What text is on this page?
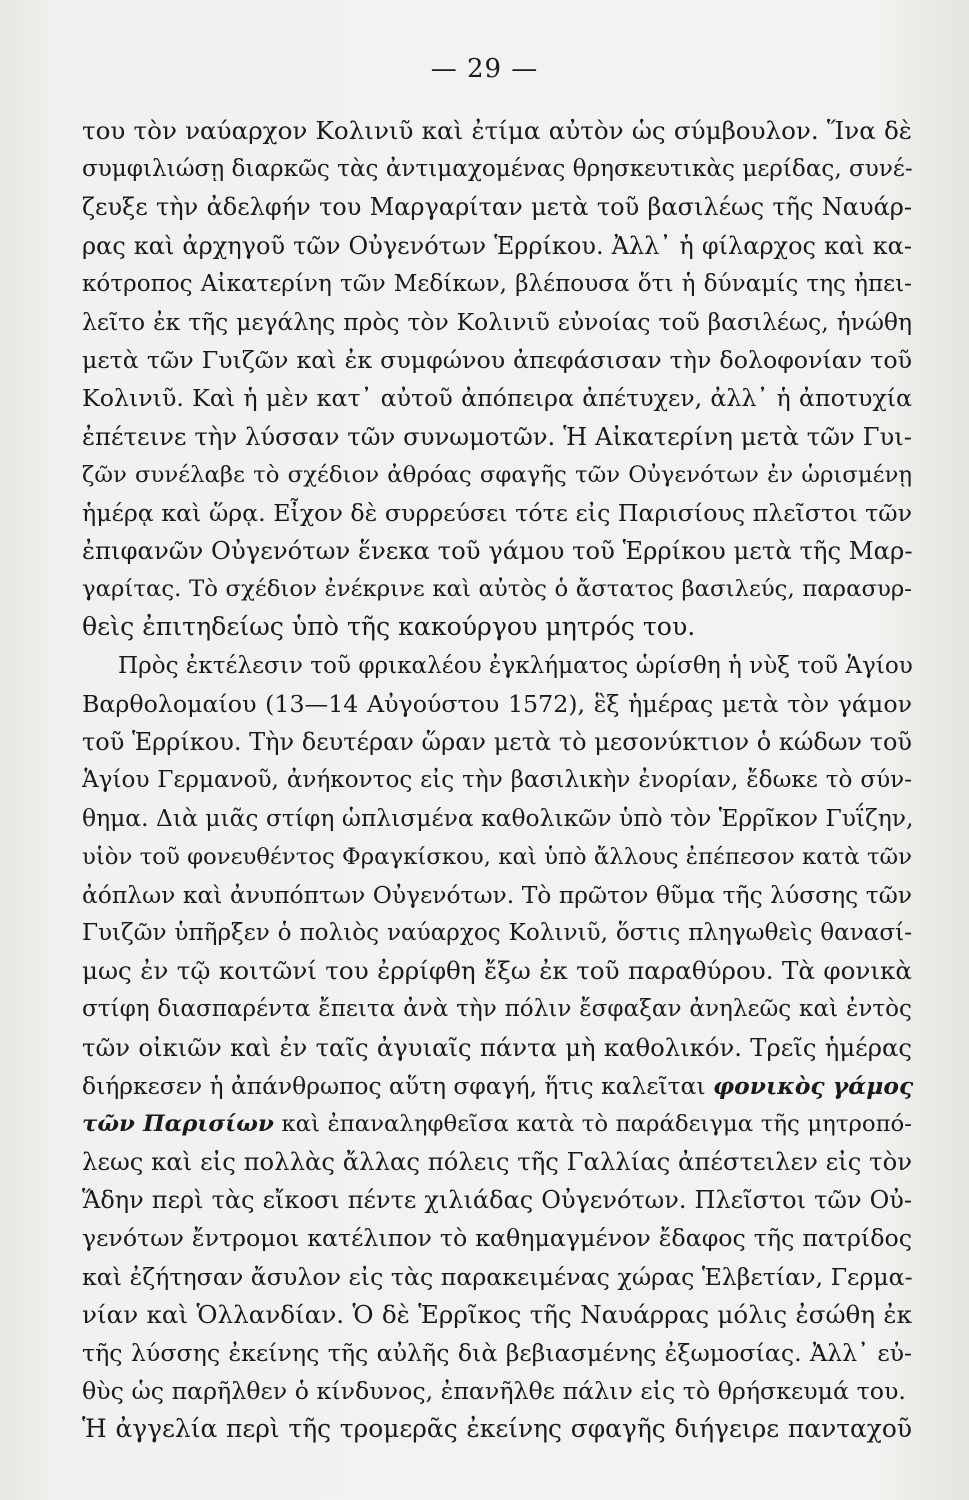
— 29 —
του τὸν ναύαρχον Κολινιῦ καὶ ἐτίμα αὐτὸν ὡς σύμβουλον. Ἵνα δὲ
συμφιλιώσῃ διαρκῶς τὰς ἀντιμαχομένας θρησκευτικὰς μερίδας, συνέ-
ζευξε τὴν ἀδελφήν του Μαργαρίταν μετὰ τοῦ βασιλέως τῆς Ναυάρ-
ρας καὶ ἀρχηγοῦ τῶν Οὐγενότων Ἑρρίκου. Ἀλλ᾽ ἡ φίλαρχος καὶ κα-
κότροπος Αἰκατερίνη τῶν Μεδίκων, βλέπουσα ὅτι ἡ δύναμίς της ἠπει-
λεῖτο ἐκ τῆς μεγάλης πρὸς τὸν Κολινιῦ εὐνοίας τοῦ βασιλέως, ἡνώθη
μετὰ τῶν Γυιζῶν καὶ ἐκ συμφώνου ἀπεφάσισαν τὴν δολοφονίαν τοῦ
Κολινιῦ. Καὶ ἡ μὲν κατ᾽ αὐτοῦ ἀπόπειρα ἀπέτυχεν, ἀλλ᾽ ἡ ἀποτυχία
ἐπέτεινε τὴν λύσσαν τῶν συνωμοτῶν. Ἡ Αἰκατερίνη μετὰ τῶν Γυι-
ζῶν συνέλαβε τὸ σχέδιον ἀθρόας σφαγῆς τῶν Οὐγενότων ἐν ὡρισμένῃ
ἡμέρᾳ καὶ ὥρᾳ. Εἶχον δὲ συρρεύσει τότε εἰς Παρισίους πλεῖστοι τῶν
ἐπιφανῶν Οὐγενότων ἕνεκα τοῦ γάμου τοῦ Ἑρρίκου μετὰ τῆς Μαρ-
γαρίτας. Τὸ σχέδιον ἐνέκρινε καὶ αὐτὸς ὁ ἄστατος βασιλεύς, παρασυρ-
θεὶς ἐπιτηδείως ὑπὸ τῆς κακούργου μητρός του.
Πρὸς ἐκτέλεσιν τοῦ φρικαλέου ἐγκλήματος ὡρίσθη ἡ νὺξ τοῦ Ἁγίου
Βαρθολομαίου (13—14 Αὐγούστου 1572), ἓξ ἡμέρας μετὰ τὸν γάμον
τοῦ Ἑρρίκου. Τὴν δευτέραν ὥραν μετὰ τὸ μεσονύκτιον ὁ κώδων τοῦ
Ἁγίου Γερμανοῦ, ἀνήκοντος εἰς τὴν βασιλικὴν ἐνορίαν, ἔδωκε τὸ σύν-
θημα. Διὰ μιᾶς στίφη ὡπλισμένα καθολικῶν ὑπὸ τὸν Ἑρρῖκον Γυΐζην,
υἱὸν τοῦ φονευθέντος Φραγκίσκου, καὶ ὑπὸ ἄλλους ἐπέπεσον κατὰ τῶν
ἀόπλων καὶ ἀνυπόπτων Οὐγενότων. Τὸ πρῶτον θῦμα τῆς λύσσης τῶν
Γυιζῶν ὑπῆρξεν ὁ πολιὸς ναύαρχος Κολινιῦ, ὅστις πληγωθεὶς θανασί-
μως ἐν τῷ κοιτῶνί του ἐρρίφθη ἔξω ἐκ τοῦ παραθύρου. Τὰ φονικὰ
στίφη διασπαρέντα ἔπειτα ἀνὰ τὴν πόλιν ἔσφαξαν ἀνηλεῶς καὶ ἐντὸς
τῶν οἰκιῶν καὶ ἐν ταῖς ἀγυιαῖς πάντα μὴ καθολικόν. Τρεῖς ἡμέρας
διήρκεσεν ἡ ἀπάνθρωπος αὕτη σφαγή, ἥτις καλεῖται φονικὸς γάμος
τῶν Παρισίων καὶ ἐπαναληφθεῖσα κατὰ τὸ παράδειγμα τῆς μητροπό-
λεως καὶ εἰς πολλὰς ἄλλας πόλεις τῆς Γαλλίας ἀπέστειλεν εἰς τὸν
Ἅδην περὶ τὰς εἴκοσι πέντε χιλιάδας Οὐγενότων. Πλεῖστοι τῶν Οὐ-
γενότων ἔντρομοι κατέλιπον τὸ καθημαγμένον ἔδαφος τῆς πατρίδος
καὶ ἐζήτησαν ἄσυλον εἰς τὰς παρακειμένας χώρας Ἑλβετίαν, Γερμα-
νίαν καὶ Ὁλλανδίαν. Ὁ δὲ Ἑρρῖκος τῆς Ναυάρρας μόλις ἐσώθη ἐκ
τῆς λύσσης ἐκείνης τῆς αὐλῆς διὰ βεβιασμένης ἐξωμοσίας. Ἀλλ᾽ εὐ-
θὺς ὡς παρῆλθεν ὁ κίνδυνος, ἐπανῆλθε πάλιν εἰς τὸ θρήσκευμά του.
Ἡ ἀγγελία περὶ τῆς τρομερᾶς ἐκείνης σφαγῆς διήγειρε πανταχοῦ
